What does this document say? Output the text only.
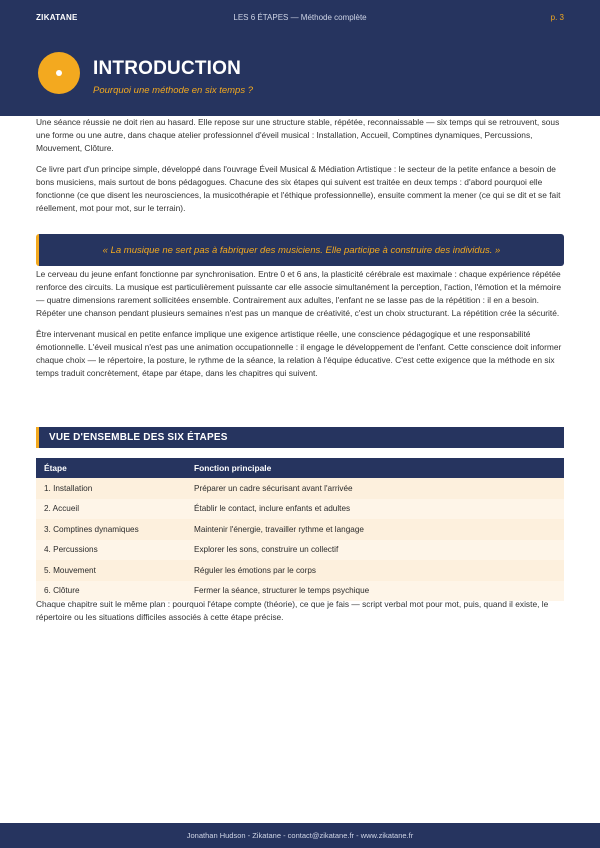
ZIKATANE	LES 6 ÉTAPES — Méthode complète	p. 3
INTRODUCTION
Pourquoi une méthode en six temps ?

Une séance réussie ne doit rien au hasard. Elle repose sur une structure stable, répétée, reconnaissable — six temps qui se retrouvent, sous une forme ou une autre, dans chaque atelier professionnel d'éveil musical : Installation, Accueil, Comptines dynamiques, Percussions, Mouvement, Clôture.

Ce livre part d'un principe simple, développé dans l'ouvrage Éveil Musical & Médiation Artistique : le secteur de la petite enfance a besoin de bons musiciens, mais surtout de bons pédagogues. Chacune des six étapes qui suivent est traitée en deux temps : d'abord pourquoi elle fonctionne (ce que disent les neurosciences, la musicothérapie et l'éthique professionnelle), ensuite comment la mener (ce qui se dit et se fait réellement, mot pour mot, sur le terrain).

« La musique ne sert pas à fabriquer des musiciens. Elle participe à construire des individus. »

Le cerveau du jeune enfant fonctionne par synchronisation. Entre 0 et 6 ans, la plasticité cérébrale est maximale : chaque expérience répétée renforce des circuits. La musique est particulièrement puissante car elle associe simultanément la perception, l'action, l'émotion et la mémoire — quatre dimensions rarement sollicitées ensemble. Contrairement aux adultes, l'enfant ne se lasse pas de la répétition : il en a besoin. Répéter une chanson pendant plusieurs semaines n'est pas un manque de créativité, c'est un choix structurant. La répétition crée la sécurité.

Être intervenant musical en petite enfance implique une exigence artistique réelle, une conscience pédagogique et une responsabilité émotionnelle. L'éveil musical n'est pas une animation occupationnelle : il engage le développement de l'enfant. Cette conscience doit informer chaque choix — le répertoire, la posture, le rythme de la séance, la relation à l'équipe éducative. C'est cette exigence que la méthode en six temps traduit concrètement, étape par étape, dans les chapitres qui suivent.

VUE D'ENSEMBLE DES SIX ÉTAPES
Étape	Fonction principale
1. Installation	Préparer un cadre sécurisant avant l'arrivée
2. Accueil	Établir le contact, inclure enfants et adultes
3. Comptines dynamiques	Maintenir l'énergie, travailler rythme et langage
4. Percussions	Explorer les sons, construire un collectif
5. Mouvement	Réguler les émotions par le corps
6. Clôture	Fermer la séance, structurer le temps psychique

Chaque chapitre suit le même plan : pourquoi l'étape compte (théorie), ce que je fais — script verbal mot pour mot, puis, quand il existe, le répertoire ou les situations difficiles associés à cette étape précise.

Jonathan Hudson - Zikatane - contact@zikatane.fr - www.zikatane.fr
